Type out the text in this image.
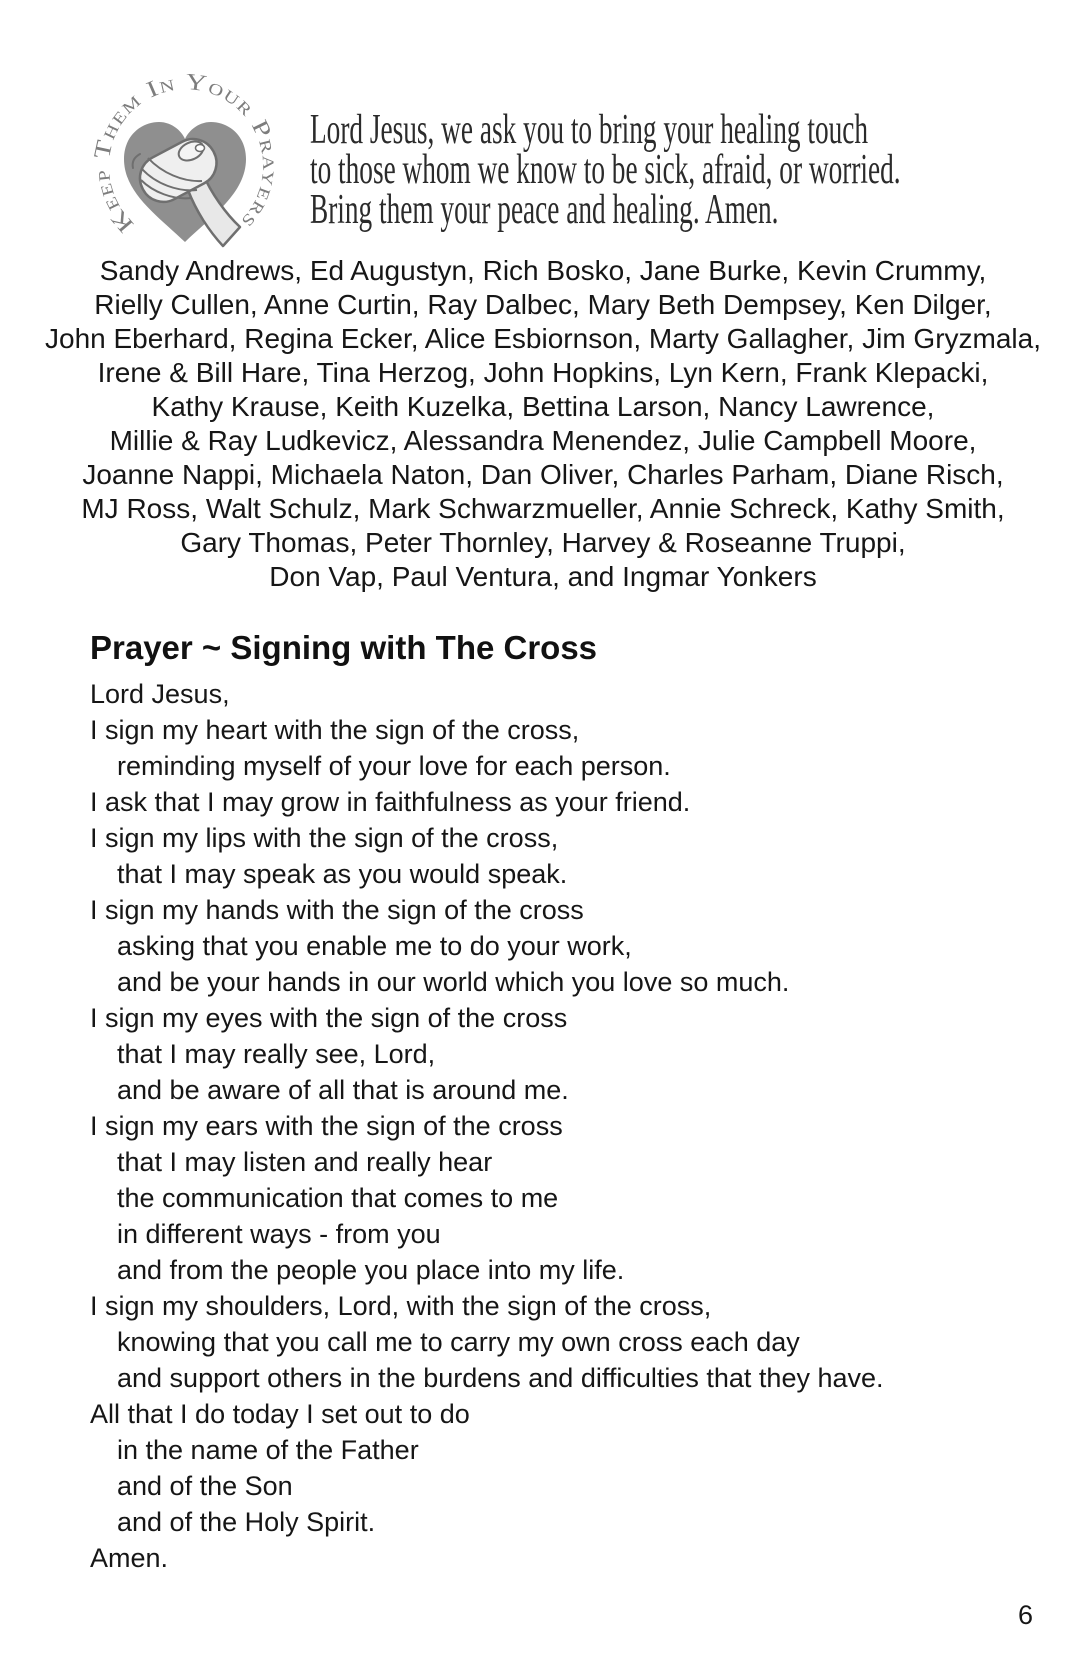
Keep Them In Your Prayers
Lord Jesus, we ask you to bring your healing touch
to those whom we know to be sick, afraid, or worried.
Bring them your peace and healing. Amen.
Sandy Andrews, Ed Augustyn, Rich Bosko, Jane Burke, Kevin Crummy,
Rielly Cullen, Anne Curtin, Ray Dalbec, Mary Beth Dempsey, Ken Dilger,
John Eberhard, Regina Ecker, Alice Esbiornson, Marty Gallagher, Jim Gryzmala,
Irene & Bill Hare, Tina Herzog, John Hopkins, Lyn Kern, Frank Klepacki,
Kathy Krause, Keith Kuzelka, Bettina Larson, Nancy Lawrence,
Millie & Ray Ludkevicz, Alessandra Menendez, Julie Campbell Moore,
Joanne Nappi, Michaela Naton, Dan Oliver, Charles Parham, Diane Risch,
MJ Ross, Walt Schulz, Mark Schwarzmueller, Annie Schreck, Kathy Smith,
Gary Thomas, Peter Thornley, Harvey & Roseanne Truppi,
Don Vap, Paul Ventura, and Ingmar Yonkers
Prayer ~ Signing with The Cross
Lord Jesus,
I sign my heart with the sign of the cross,
reminding myself of your love for each person.
I ask that I may grow in faithfulness as your friend.
I sign my lips with the sign of the cross,
that I may speak as you would speak.
I sign my hands with the sign of the cross
asking that you enable me to do your work,
and be your hands in our world which you love so much.
I sign my eyes with the sign of the cross
that I may really see, Lord,
and be aware of all that is around me.
I sign my ears with the sign of the cross
that I may listen and really hear
the communication that comes to me
in different ways - from you
and from the people you place into my life.
I sign my shoulders, Lord, with the sign of the cross,
knowing that you call me to carry my own cross each day
and support others in the burdens and difficulties that they have.
All that I do today I set out to do
in the name of the Father
and of the Son
and of the Holy Spirit.
Amen.
6
